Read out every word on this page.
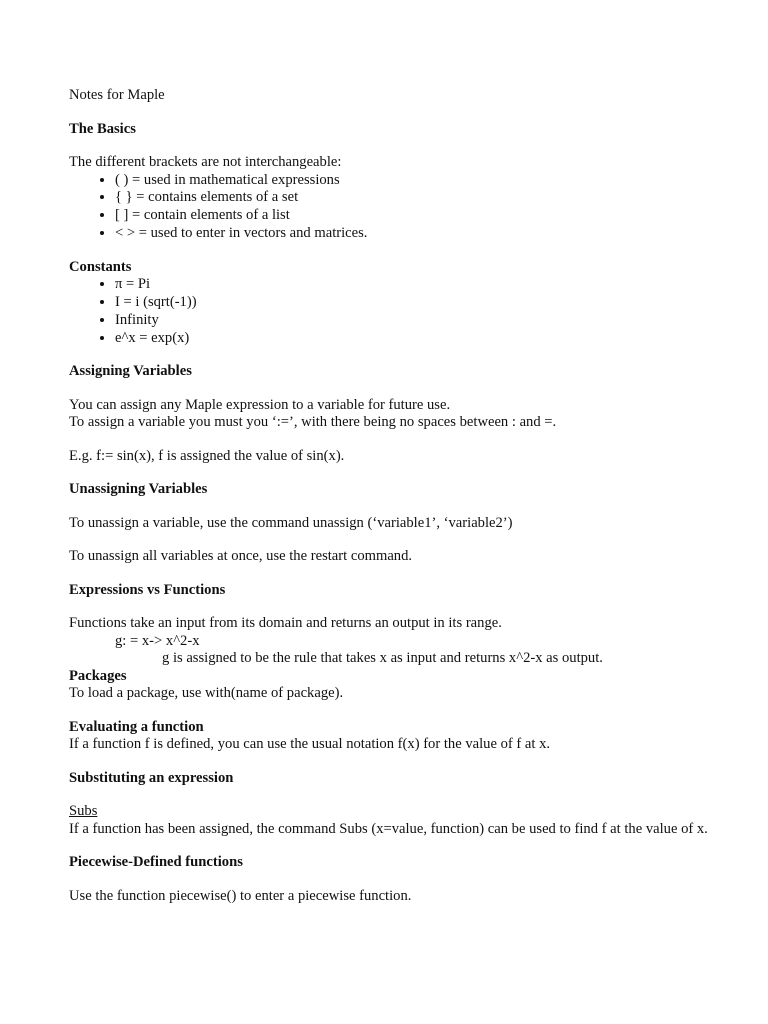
Notes for Maple

The Basics

The different brackets are not interchangeable:

• ( ) = used in mathematical expressions
• { } = contains elements of a set
• [ ] = contain elements of a list
• < > = used to enter in vectors and matrices.

Constants

• π = Pi
• I = i (sqrt(-1))
• Infinity
• e^x = exp(x)

Assigning Variables

You can assign any Maple expression to a variable for future use.

To assign a variable you must you ‘:=’, with there being no spaces between : and =.

E.g. f:= sin(x), f is assigned the value of sin(x).

Unassigning Variables

To unassign a variable, use the command unassign (‘variable1’, ‘variable2’)

To unassign all variables at once, use the restart command.

Expressions vs Functions

Functions take an input from its domain and returns an output in its range.

g: = x-> x^2-x

g is assigned to be the rule that takes x as input and returns x^2-x as output.

Packages

To load a package, use with(name of package).

Evaluating a function

If a function f is defined, you can use the usual notation f(x) for the value of f at x.

Substituting an expression

Subs

If a function has been assigned, the command Subs (x=value, function) can be used to find f at the value of x.

Piecewise-Defined functions

Use the function piecewise() to enter a piecewise function.
